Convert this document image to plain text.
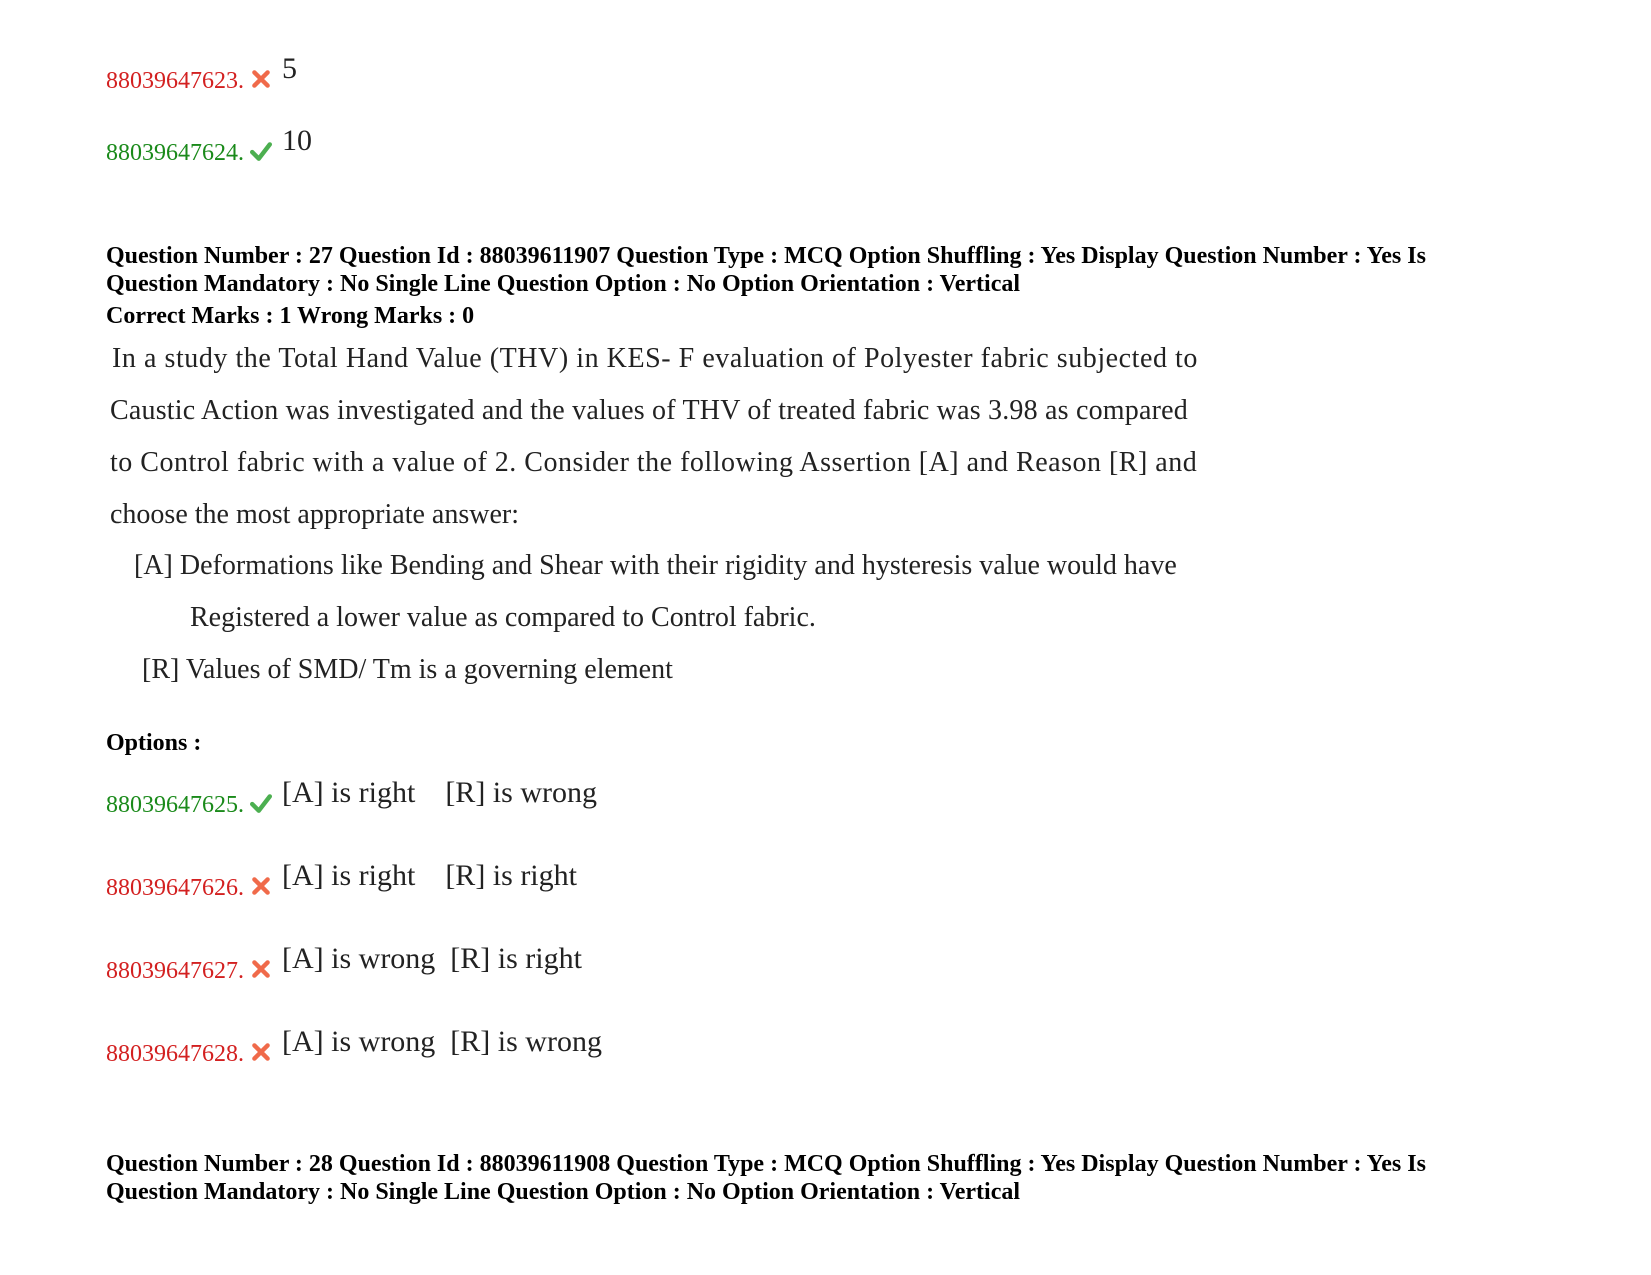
88039647623. 5
88039647624. 10
Question Number : 27 Question Id : 88039611907 Question Type : MCQ Option Shuffling : Yes Display Question Number : Yes Is
Question Mandatory : No Single Line Question Option : No Option Orientation : Vertical
Correct Marks : 1 Wrong Marks : 0
In a study the Total Hand Value (THV) in KES- F evaluation of Polyester fabric subjected to
Caustic Action was investigated and the values of THV of treated fabric was 3.98 as compared
to Control fabric with a value of 2. Consider the following Assertion [A] and Reason [R] and
choose the most appropriate answer:
[A] Deformations like Bending and Shear with their rigidity and hysteresis value would have
Registered a lower value as compared to Control fabric.
[R] Values of SMD/ Tm is a governing element
Options :
88039647625. [A] is right    [R] is wrong
88039647626. [A] is right    [R] is right
88039647627. [A] is wrong  [R] is right
88039647628. [A] is wrong  [R] is wrong
Question Number : 28 Question Id : 88039611908 Question Type : MCQ Option Shuffling : Yes Display Question Number : Yes Is
Question Mandatory : No Single Line Question Option : No Option Orientation : Vertical
